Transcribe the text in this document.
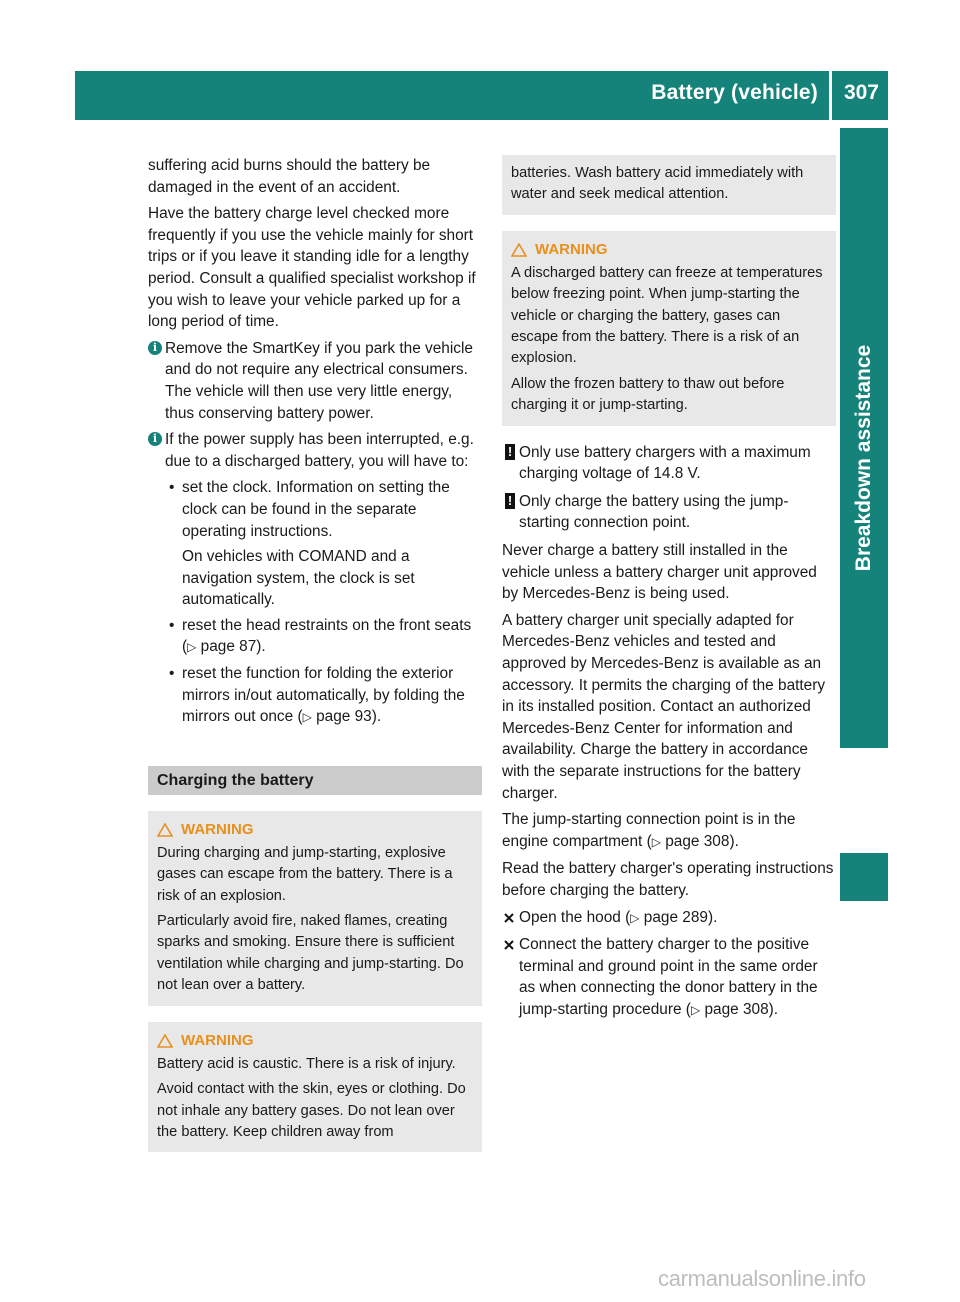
Battery (vehicle) 307
Breakdown assistance

suffering acid burns should the battery be damaged in the event of an accident.

Have the battery charge level checked more frequently if you use the vehicle mainly for short trips or if you leave it standing idle for a lengthy period. Consult a qualified specialist workshop if you wish to leave your vehicle parked up for a long period of time.

i Remove the SmartKey if you park the vehicle and do not require any electrical consumers. The vehicle will then use very little energy, thus conserving battery power.
i If the power supply has been interrupted, e.g. due to a discharged battery, you will have to:
• set the clock. Information on setting the clock can be found in the separate operating instructions.
On vehicles with COMAND and a navigation system, the clock is set automatically.
• reset the head restraints on the front seats (▷ page 87).
• reset the function for folding the exterior mirrors in/out automatically, by folding the mirrors out once (▷ page 93).
Charging the battery
WARNING

During charging and jump-starting, explosive gases can escape from the battery. There is a risk of an explosion.

Particularly avoid fire, naked flames, creating sparks and smoking. Ensure there is sufficient ventilation while charging and jump-starting. Do not lean over a battery.

WARNING

Battery acid is caustic. There is a risk of injury.

Avoid contact with the skin, eyes or clothing. Do not inhale any battery gases. Do not lean over the battery. Keep children away from

batteries. Wash battery acid immediately with water and seek medical attention.

WARNING

A discharged battery can freeze at temperatures below freezing point. When jump-starting the vehicle or charging the battery, gases can escape from the battery. There is a risk of an explosion.

Allow the frozen battery to thaw out before charging it or jump-starting.

! Only use battery chargers with a maximum charging voltage of 14.8 V.
! Only charge the battery using the jump-starting connection point.

Never charge a battery still installed in the vehicle unless a battery charger unit approved by Mercedes-Benz is being used.

A battery charger unit specially adapted for Mercedes-Benz vehicles and tested and approved by Mercedes-Benz is available as an accessory. It permits the charging of the battery in its installed position. Contact an authorized Mercedes-Benz Center for information and availability. Charge the battery in accordance with the separate instructions for the battery charger.

The jump-starting connection point is in the engine compartment (▷ page 308).

Read the battery charger's operating instructions before charging the battery.

Open the hood (▷ page 289).
Connect the battery charger to the positive terminal and ground point in the same order as when connecting the donor battery in the jump-starting procedure (▷ page 308).
carmanualsonline.info
